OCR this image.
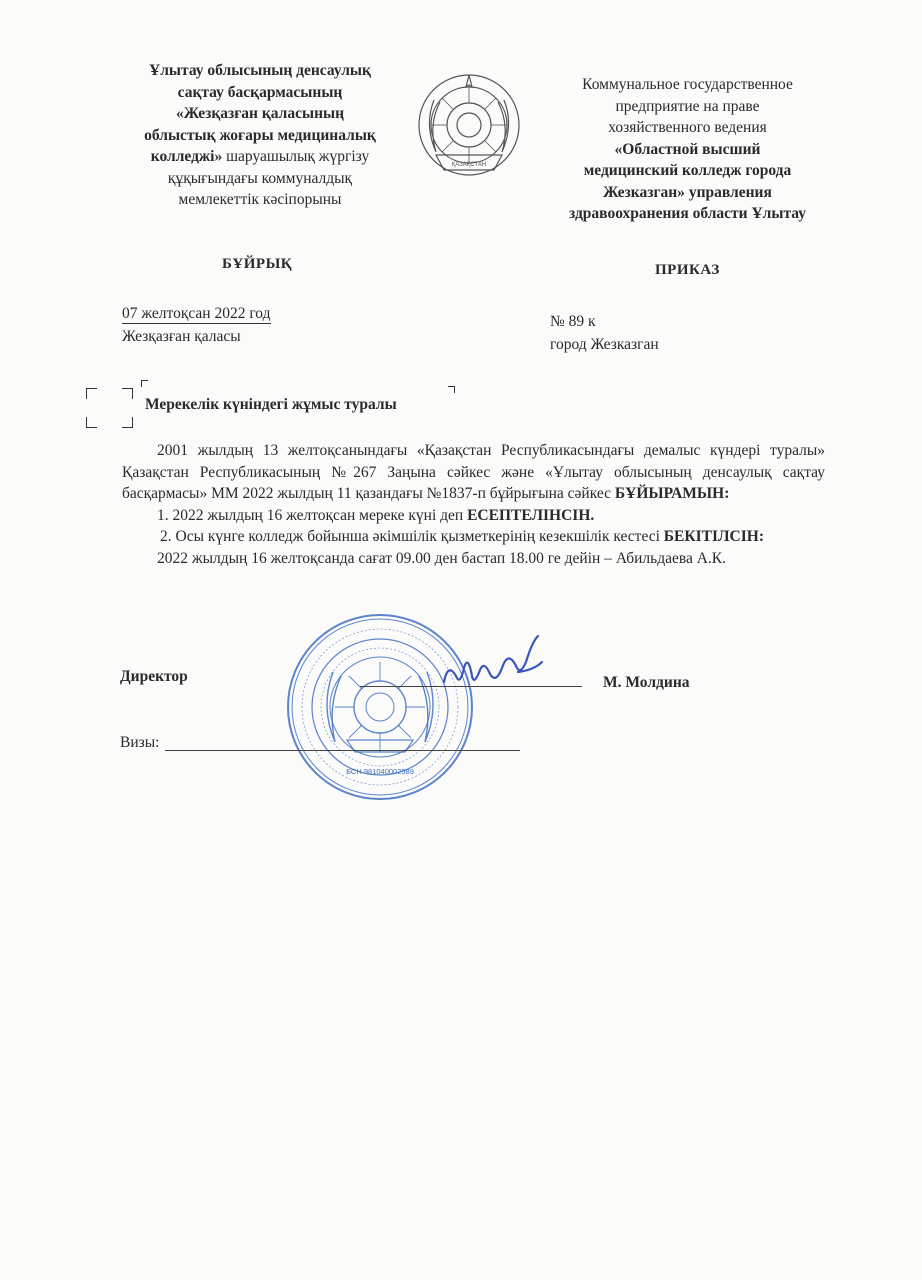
Ұлытау облысының денсаулық
сақтау басқармасының
«Жезқазған қаласының
облыстық жоғары медициналық
колледжі» шаруашылық жүргізу
құқығындағы коммуналдық
мемлекеттік кәсіпорыны
ҚАЗАҚСТАН
Коммунальное государственное
предприятие на праве
хозяйственного ведения
«Областной высший
медицинский колледж города
Жезказган» управления
здравоохранения области Ұлытау
БҰЙРЫҚ	ПРИКАЗ
07 желтоқсан 2022 год
Жезқазған қаласы
№ 89 к
город Жезказган
Мерекелік күніндегі жұмыс туралы

2001 жылдың 13 желтоқсанындағы «Қазақстан Республикасындағы демалыс күндері туралы» Қазақстан Республикасының №267 Заңына сәйкес және «Ұлытау облысының денсаулық сақтау басқармасы» ММ 2022 жылдың 11 қазандағы №1837-п бұйрығына сәйкес БҰЙЫРАМЫН:

1. 2022 жылдың 16 желтоқсан мереке күні деп ЕСЕПТЕЛІНСІН.

2. Осы күнге колледж бойынша әкімшілік қызметкерінің кезекшілік кестесі БЕКІТІЛСІН:

2022 жылдың 16 желтоқсанда сағат 09.00 ден бастап 18.00 ге дейін – Абильдаева А.К.

БСН 981040002589
Директор	М. Молдина
Визы:
